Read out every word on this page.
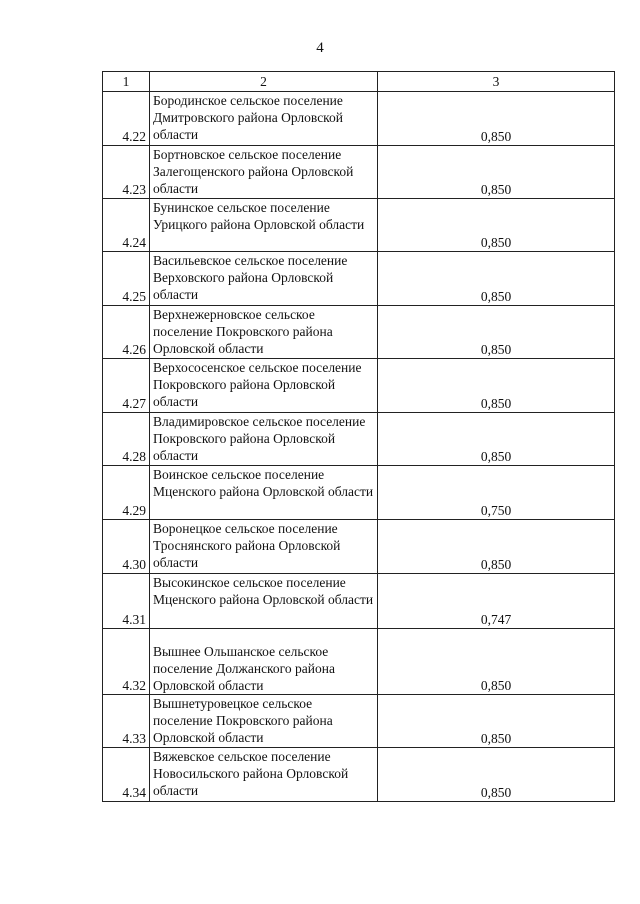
4
1	2	3
4.22	Бородинское сельское поселение Дмитровского района Орловской области	0,850
4.23	Бортновское сельское поселение Залегощенского района Орловской области	0,850
4.24	Бунинское сельское поселение Урицкого района Орловской области	0,850
4.25	Васильевское сельское поселение Верховского района Орловской области	0,850
4.26	Верхнежерновское сельское поселение Покровского района Орловской области	0,850
4.27	Верхососенское сельское поселение Покровского района Орловской области	0,850
4.28	Владимировское сельское поселение Покровского района Орловской области	0,850
4.29	Воинское сельское поселение Мценского района Орловской области	0,750
4.30	Воронецкое сельское поселение Троснянского района Орловской области	0,850
4.31	Высокинское сельское поселение Мценского района Орловской области	0,747
4.32	Вышнее Ольшанское сельское поселение Должанского района Орловской области	0,850
4.33	Вышнетуровецкое сельское поселение Покровского района Орловской области	0,850
4.34	Вяжевское сельское поселение Новосильского района Орловской области	0,850
